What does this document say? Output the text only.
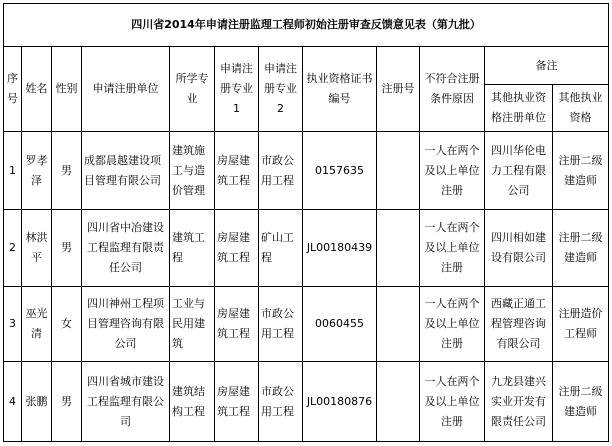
四川省2014年申请注册监理工程师初始注册审查反馈意见表（第九批）											
序号	姓名	性别	申请注册单位	所学专业	申请注册专业1	申请注册专业2	执业资格证书编号	注册号	不符合注册条件原因	备注	
										其他执业资格注册单位	其他执业资格
1	罗孝泽	男	成都晨越建设项目管理有限公司	建筑施工与造价管理	房屋建筑工程	市政公用工程	0157635		一人在两个及以上单位注册	四川华伦电力工程有限公司	注册二级建造师
2	林洪平	男	四川省中冶建设工程监理有限责任公司	建筑工程	房屋建筑工程	矿山工程	JL00180439		一人在两个及以上单位注册	四川相如建设有限公司	注册二级建造师
3	巫光清	女	四川神州工程项目管理咨询有限公司	工业与民用建筑	房屋建筑工程	市政公用工程	0060455		一人在两个及以上单位注册	西藏正通工程管理咨询有限公司	注册造价工程师
4	张鹏	男	四川省城市建设工程监理有限公司	建筑结构工程	房屋建筑工程	市政公用工程	JL00180876		一人在两个及以上单位注册	九龙县建兴实业开发有限责任公司	注册二级建造师
